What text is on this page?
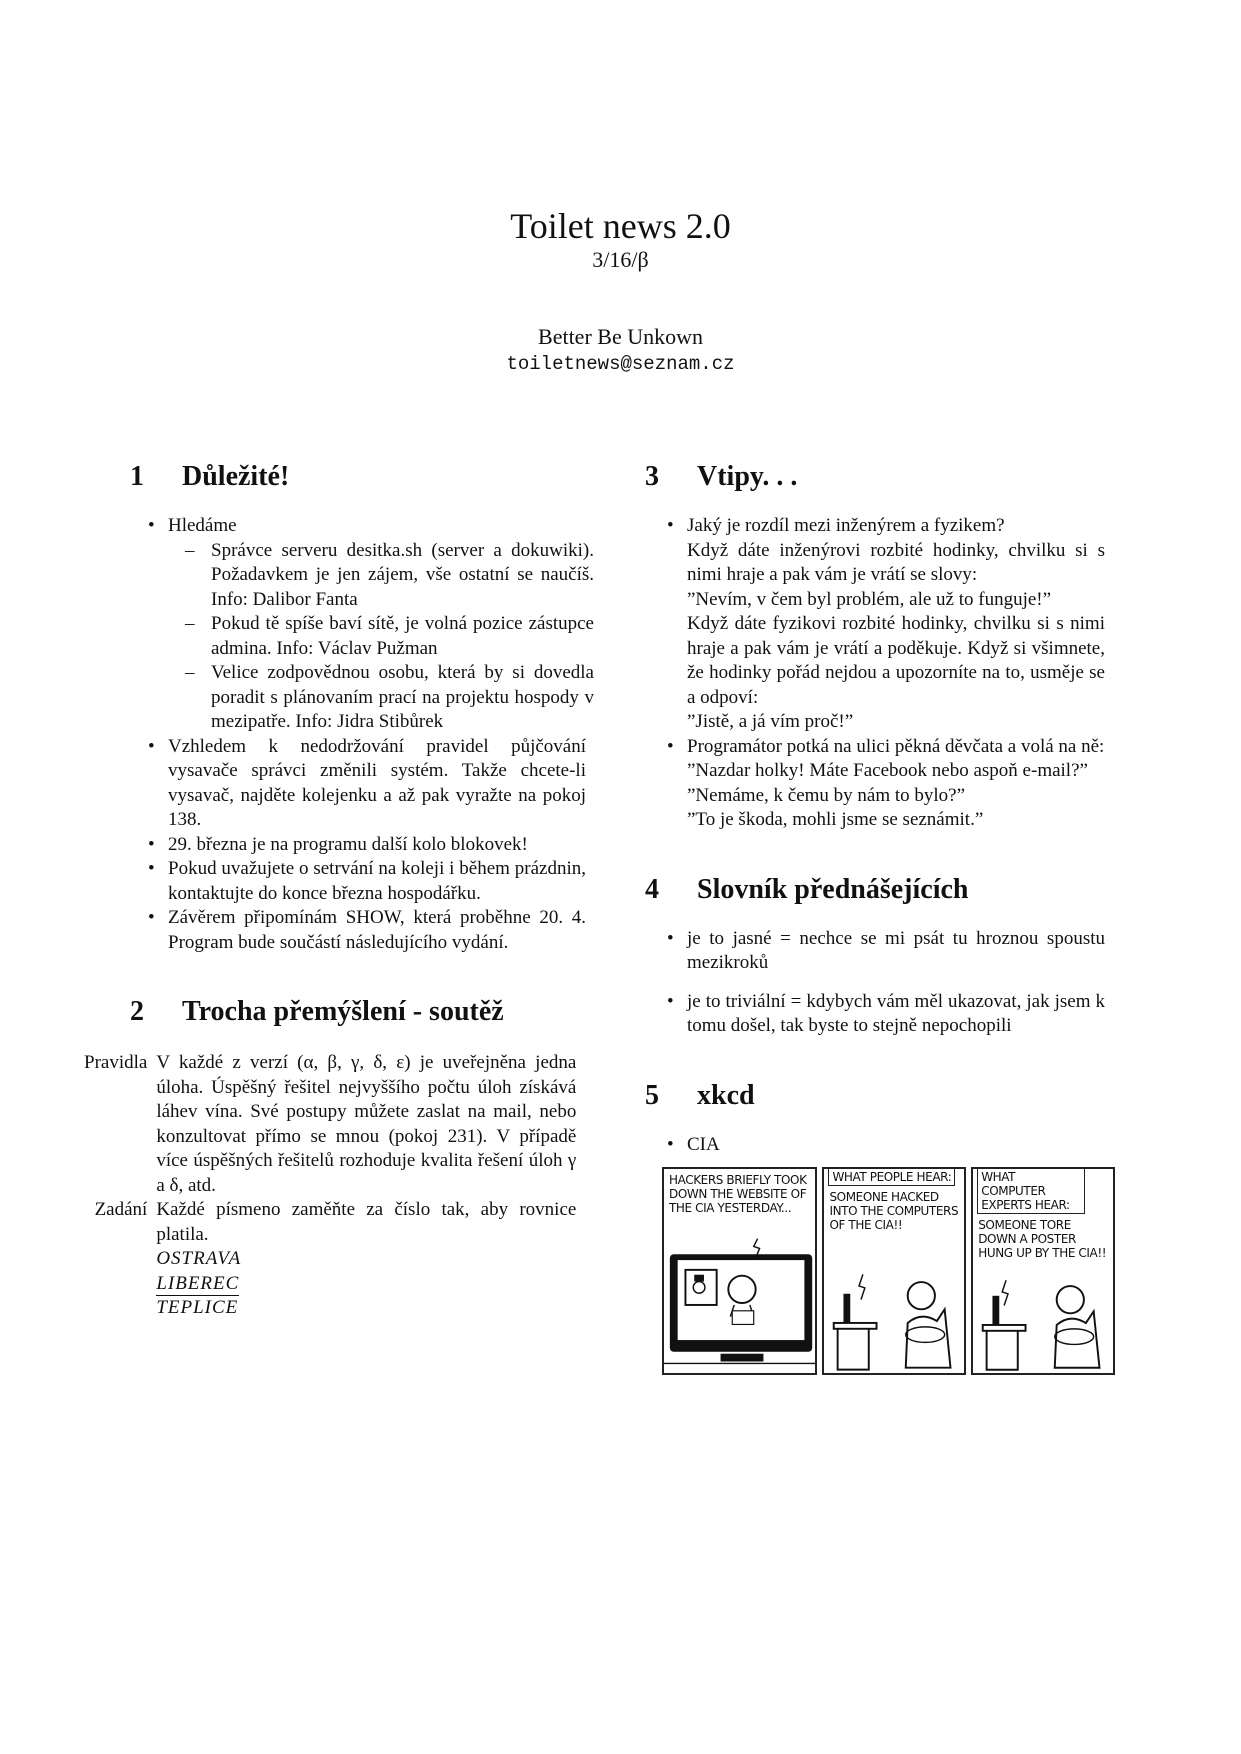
Toilet news 2.0
3/16/β
Better Be Unkown
toiletnews@seznam.cz
1	Důležité!
• Hledáme
– Správce serveru desitka.sh (server a dokuwiki). Požadavkem je jen zájem, vše ostatní se naučíš. Info: Dalibor Fanta
– Pokud tě spíše baví sítě, je volná pozice zástupce admina. Info: Václav Pužman
– Velice zodpovědnou osobu, která by si dovedla poradit s plánovaním prací na projektu hospody v mezipatře. Info: Jidra Stibůrek
• Vzhledem k nedodržování pravidel půjčování vysavače správci změnili systém. Takže chcete-li vysavač, najděte kolejenku a až pak vyražte na pokoj 138.
• 29. března je na programu další kolo blokovek!
• Pokud uvažujete o setrvání na koleji i během prázdnin, kontaktujte do konce března hospodářku.
• Závěrem připomínám SHOW, která proběhne 20. 4. Program bude součástí následujícího vydání.
2	Trocha přemýšlení - soutěž
Pravidla	V každé z verzí (α, β, γ, δ, ε) je uveřejněna jedna úloha. Úspěšný řešitel nejvyššího počtu úloh získává láhev vína. Své postupy můžete zaslat na mail, nebo konzultovat přímo se mnou (pokoj 231). V případě více úspěšných řešitelů rozhoduje kvalita řešení úloh γ a δ, atd.
Zadání	Každé písmeno zaměňte za číslo tak, aby rovnice platila.
OSTRAVA
LIBEREC
TEPLICE
3	Vtipy. . .
• Jaký je rozdíl mezi inženýrem a fyzikem?
Když dáte inženýrovi rozbité hodinky, chvilku si s nimi hraje a pak vám je vrátí se slovy:
”Nevím, v čem byl problém, ale už to funguje!”
Když dáte fyzikovi rozbité hodinky, chvilku si s nimi hraje a pak vám je vrátí a poděkuje. Když si všimnete, že hodinky pořád nejdou a upozorníte na to, usměje se a odpoví:
”Jistě, a já vím proč!”
• Programátor potká na ulici pěkná děvčata a volá na ně:
”Nazdar holky! Máte Facebook nebo aspoň e-mail?”
”Nemáme, k čemu by nám to bylo?”
”To je škoda, mohli jsme se seznámit.”
4	Slovník přednášejících
• je to jasné = nechce se mi psát tu hroznou spoustu mezikroků
• je to triviální = kdybych vám měl ukazovat, jak jsem k tomu došel, tak byste to stejně nepochopili
5	xkcd
• CIA
HACKERS BRIEFLY TOOK DOWN THE WEBSITE OF THE CIA YESTERDAY...
WHAT PEOPLE HEAR:
SOMEONE HACKED INTO THE COMPUTERS OF THE CIA!!
WHAT COMPUTER EXPERTS HEAR:
SOMEONE TORE DOWN A POSTER HUNG UP BY THE CIA!!
